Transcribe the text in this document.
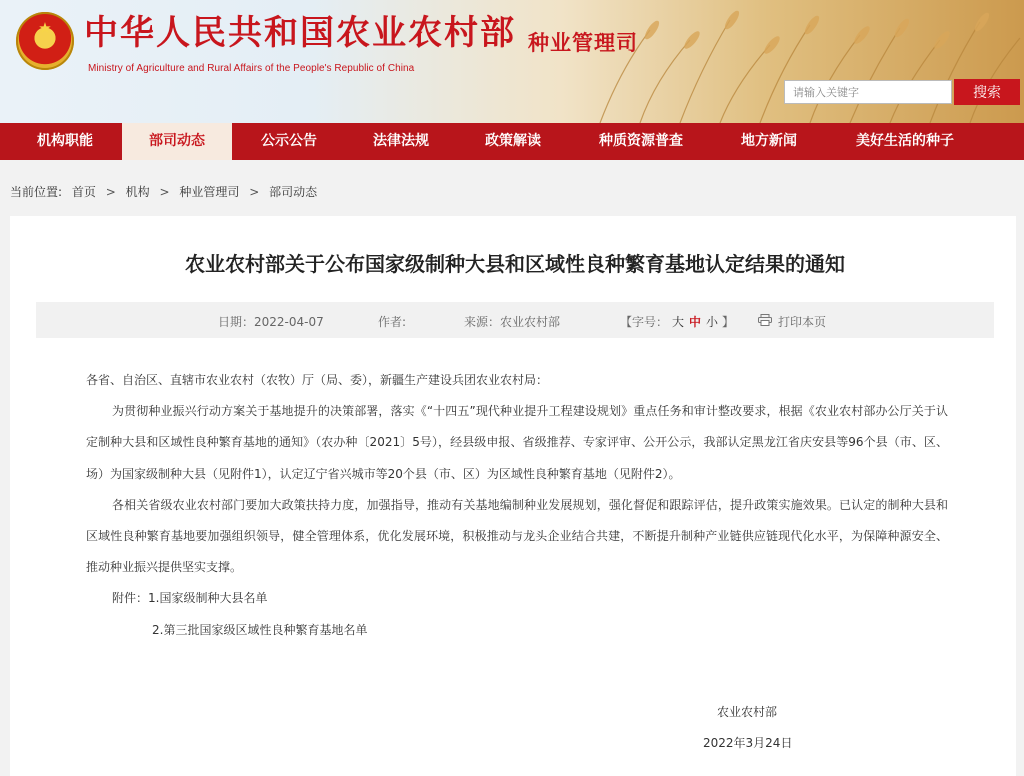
★ 中华人民共和国农业农村部
Ministry of Agriculture and Rural Affairs of the People's Republic of China
种业管理司
请输入关键字
搜索
机构职能	部司动态	公示公告	法律法规	政策解读	种质资源普查	地方新闻	美好生活的种子
当前位置: 首页 > 机构 > 种业管理司 > 部司动态
农业农村部关于公布国家级制种大县和区域性良种繁育基地认定结果的通知
日期：2022-04-07	作者:	来源：农业农村部	【字号： 大 中 小 】	打印本页

各省、自治区、直辖市农业农村（农牧）厅（局、委），新疆生产建设兵团农业农村局：

为贯彻种业振兴行动方案关于基地提升的决策部署，落实《“十四五”现代种业提升工程建设规划》重点任务和审计整改要求，根据《农业农村部办公厅关于认定制种大县和区域性良种繁育基地的通知》（农办种〔2021〕5号），经县级申报、省级推荐、专家评审、公开公示，我部认定黑龙江省庆安县等96个县（市、区、场）为国家级制种大县（见附件1），认定辽宁省兴城市等20个县（市、区）为区域性良种繁育基地（见附件2）。

各相关省级农业农村部门要加大政策扶持力度，加强指导，推动有关基地编制种业发展规划，强化督促和跟踪评估，提升政策实施效果。已认定的制种大县和区域性良种繁育基地要加强组织领导，健全管理体系，优化发展环境，积极推动与龙头企业结合共建，不断提升制种产业链供应链现代化水平，为保障种源安全、推动种业振兴提供坚实支撑。

附件：1.国家级制种大县名单

2.第三批国家级区域性良种繁育基地名单

农业农村部
2022年3月24日
